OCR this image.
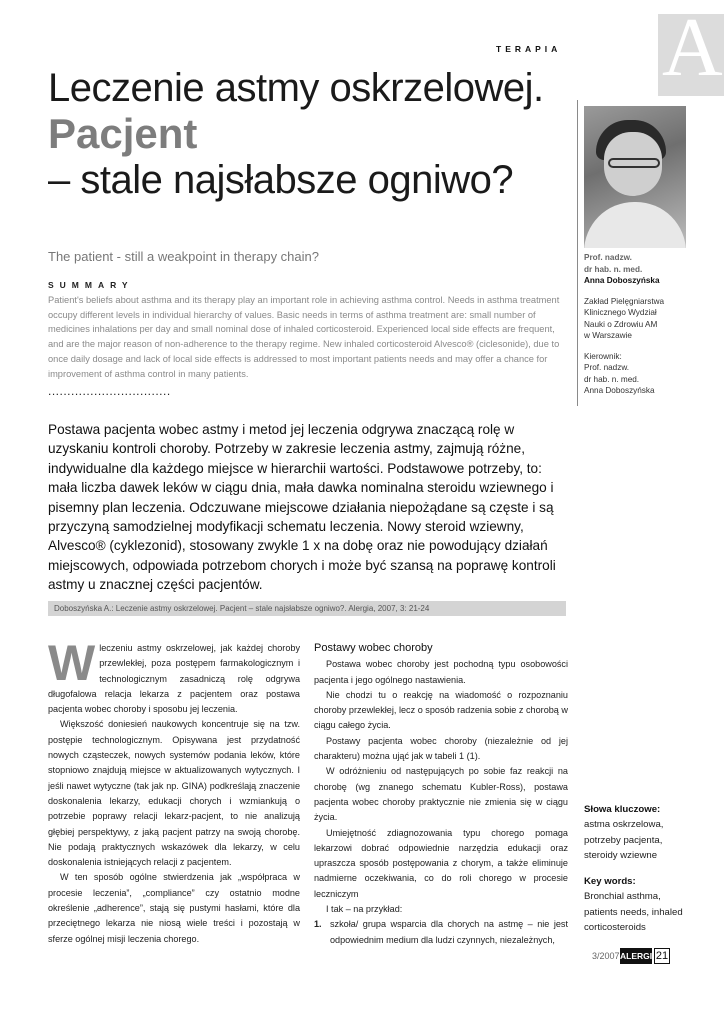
TERAPIA A
Leczenie astmy oskrzelowej.
Pacjent
– stale najsłabsze ogniwo?

Prof. nadzw.

dr hab. n. med.

Anna Doboszyńska

Zakład Pielęgniarstwa

Klinicznego Wydział

Nauki o Zdrowiu AM

w Warszawie

Kierownik:

Prof. nadzw.

dr hab. n. med.

Anna Doboszyńska

The patient - still a weakpoint in therapy chain?
SUMMARY
Patient's beliefs about asthma and its therapy play an important role in achieving asthma control. Needs in asthma treatment occupy different levels in individual hierarchy of values. Basic needs in terms of asthma treatment are: small number of medicines inhalations per day and small nominal dose of inhaled corticosteroid. Experienced local side effects are frequent, and are the major reason of non-adherence to the therapy regime. New inhaled corticosteroid Alvesco® (ciclesonide), due to once daily dosage and lack of local side effects is addressed to most important patients needs and may offer a chance for improvement of asthma control in many patients.
................................
Postawa pacjenta wobec astmy i metod jej leczenia odgrywa znaczącą rolę w uzyskaniu kontroli choroby. Potrzeby w zakresie leczenia astmy, zajmują różne, indywidualne dla każdego miejsce w hierarchii wartości. Podstawowe potrzeby, to: mała liczba dawek leków w ciągu dnia, mała dawka nominalna steroidu wziewnego i pisemny plan leczenia. Odczuwane miejscowe działania niepożądane są częste i są przyczyną samodzielnej modyfikacji schematu leczenia. Nowy steroid wziewny, Alvesco® (cyklezonid), stosowany zwykle 1 x na dobę oraz nie powodujący działań miejscowych, odpowiada potrzebom chorych i może być szansą na poprawę kontroli astmy u znacznej części pacjentów.
Doboszyńska A.: Leczenie astmy oskrzelowej. Pacjent – stale najsłabsze ogniwo?. Alergia, 2007, 3: 21-24

Wleczeniu astmy oskrzelowej, jak każdej choroby przewlekłej, poza postępem farmakologicznym i technologicznym zasadniczą rolę odgrywa długofalowa relacja lekarza z pacjentem oraz postawa pacjenta wobec choroby i sposobu jej leczenia.

Większość doniesień naukowych koncentruje się na tzw. postępie technologicznym. Opisywana jest przydatność nowych cząsteczek, nowych systemów podania leków, które stopniowo znajdują miejsce w aktualizowanych wytycznych. I jeśli nawet wytyczne (tak jak np. GINA) podkreślają znaczenie doskonalenia lekarzy, edukacji chorych i wzmiankują o potrzebie poprawy relacji lekarz-pacjent, to nie analizują głębiej perspektywy, z jaką pacjent patrzy na swoją chorobę. Nie podają praktycznych wskazówek dla lekarzy, w celu doskonalenia istniejących relacji z pacjentem.

W ten sposób ogólne stwierdzenia jak „współpraca w procesie leczenia”, „compliance” czy ostatnio modne określenie „adherence”, stają się pustymi hasłami, które dla przeciętnego lekarza nie niosą wiele treści i pozostają w sferze ogólnej misji leczenia chorego.

Postawy wobec choroby

Postawa wobec choroby jest pochodną typu osobowości pacjenta i jego ogólnego nastawienia.

Nie chodzi tu o reakcję na wiadomość o rozpoznaniu choroby przewlekłej, lecz o sposób radzenia sobie z chorobą w ciągu całego życia.

Postawy pacjenta wobec choroby (niezależnie od jej charakteru) można ująć jak w tabeli 1 (1).

W odróżnieniu od następujących po sobie faz reakcji na chorobę (wg znanego schematu Kubler-Ross), postawa pacjenta wobec choroby praktycznie nie zmienia się w ciągu życia.

Umiejętność zdiagnozowania typu chorego pomaga lekarzowi dobrać odpowiednie narzędzia edukacji oraz upraszcza sposób postępowania z chorym, a także eliminuje nadmierne oczekiwania, co do roli chorego w procesie leczniczym

I tak – na przykład:

1. szkoła/ grupa wsparcia dla chorych na astmę – nie jest odpowiednim medium dla ludzi czynnych, niezależnych,

Słowa kluczowe:

astma oskrzelowa,

potrzeby pacjenta,

steroidy wziewne

Key words:

Bronchial asthma,

patients needs, inhaled

corticosteroids

3/2007 ALERGIA
21
